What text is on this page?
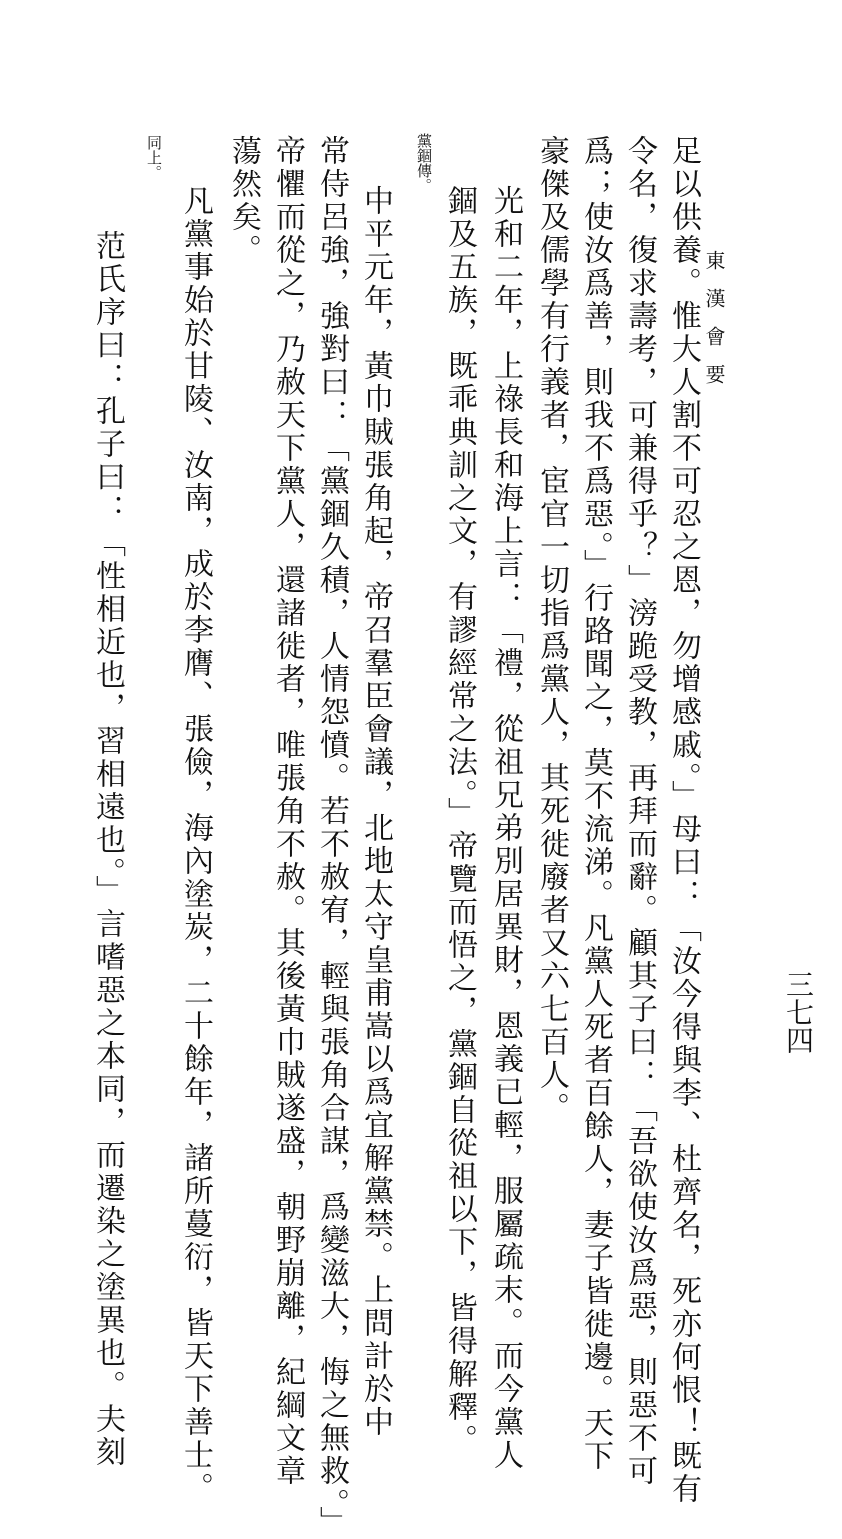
東漢會要
三七四
足以供養。惟大人割不可忍之恩，勿增感戚。」母曰：「汝今得與李、杜齊名，死亦何恨！既有
令名，復求壽考，可兼得乎？」滂跪受教，再拜而辭。顧其子曰：「吾欲使汝爲惡，則惡不可
爲；使汝爲善，則我不爲惡。」行路聞之，莫不流涕。凡黨人死者百餘人，妻子皆徙邊。天下
豪傑及儒學有行義者，宦官一切指爲黨人，其死徙廢者又六七百人。
黨錮傳。
光和二年，上祿長和海上言：「禮，從祖兄弟別居異財，恩義已輕，服屬疏末。而今黨人
錮及五族，既乖典訓之文，有謬經常之法。」帝覽而悟之，黨錮自從祖以下，皆得解釋。
中平元年，黃巾賊張角起，帝召羣臣會議，北地太守皇甫嵩以爲宜解黨禁。上問計於中
常侍呂強，強對曰：「黨錮久積，人情怨憤。若不赦宥，輕與張角合謀，爲變滋大，悔之無救。」
帝懼而從之，乃赦天下黨人，還諸徙者，唯張角不赦。其後黃巾賊遂盛，朝野崩離，紀綱文章
蕩然矣。
同上。
凡黨事始於甘陵、汝南，成於李膺、張儉，海內塗炭，二十餘年，諸所蔓衍，皆天下善士。
范氏序曰：孔子曰：「性相近也，習相遠也。」言嗜惡之本同，而遷染之塗異也。夫刻
